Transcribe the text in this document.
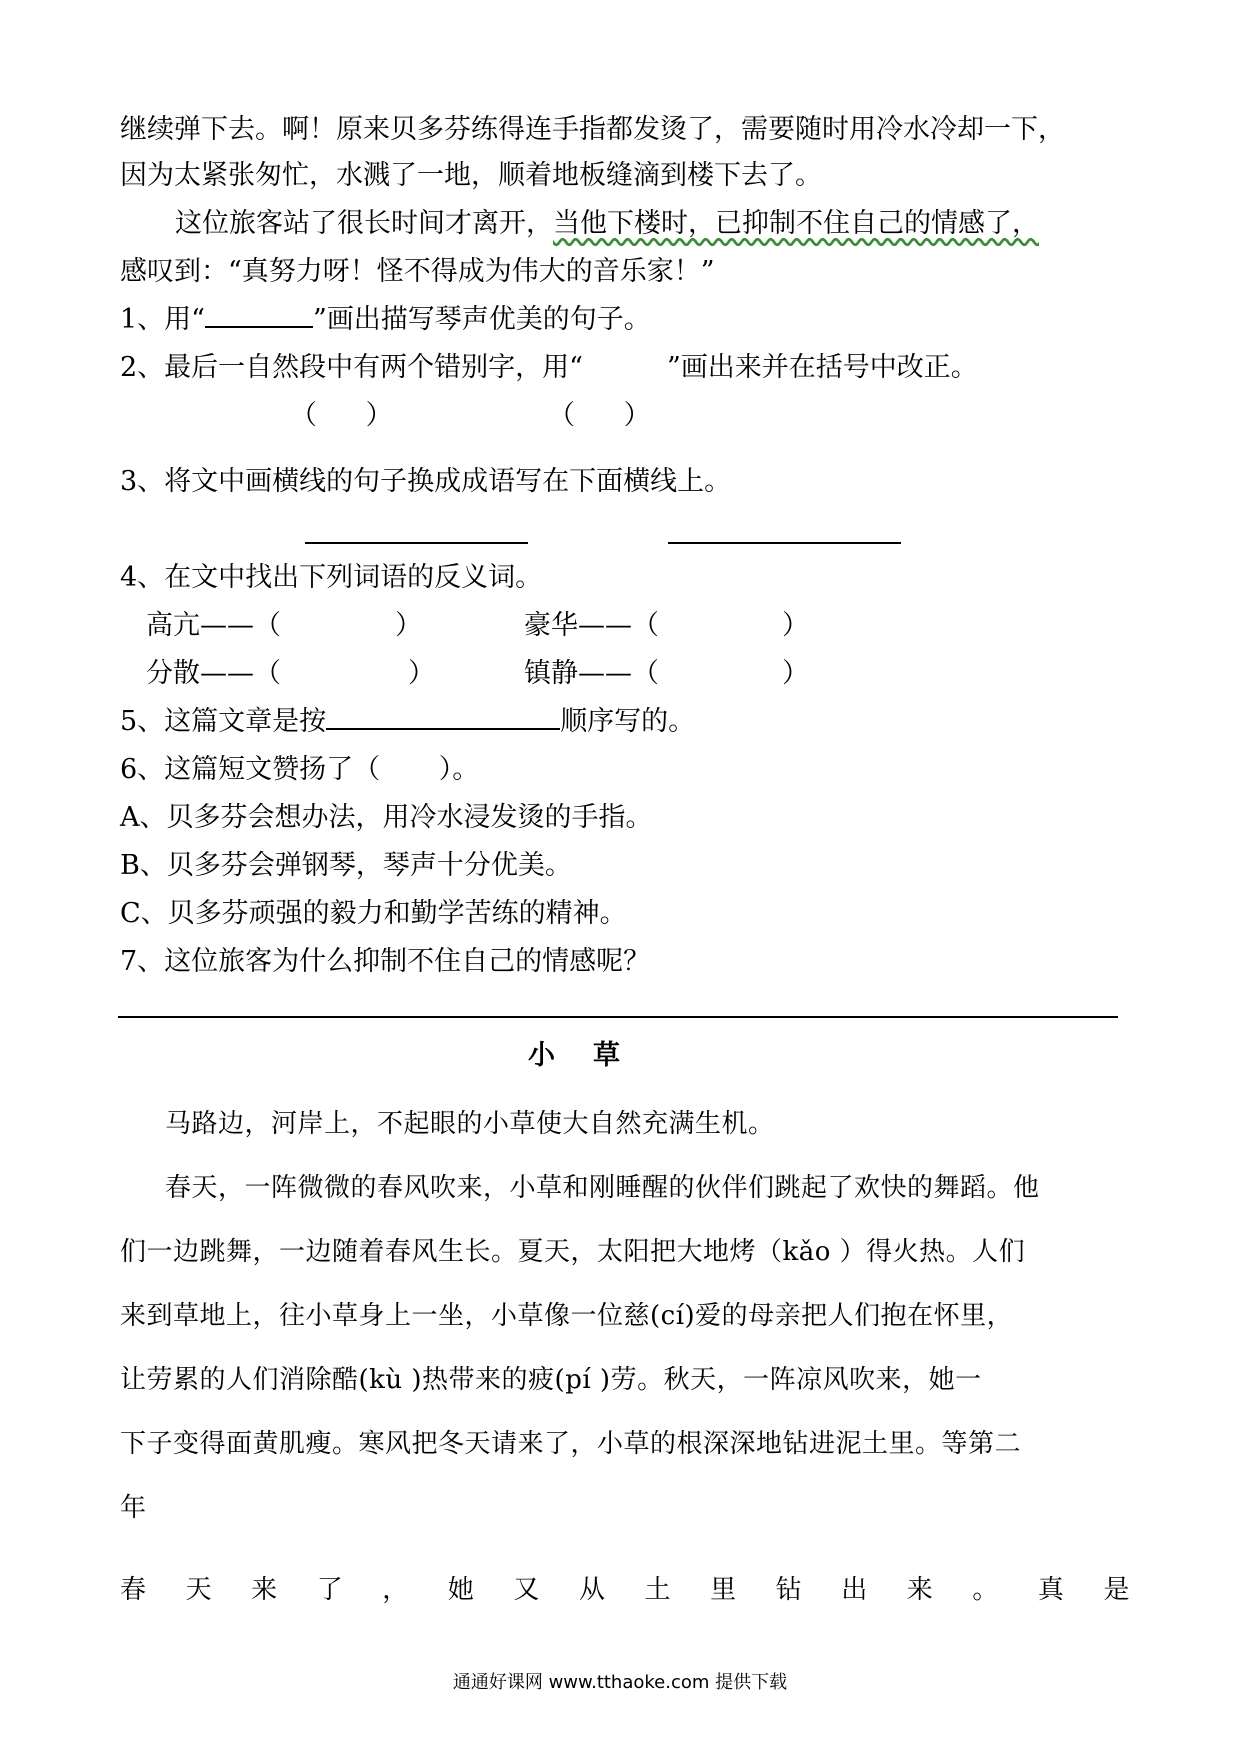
继续弹下去。啊！原来贝多芬练得连手指都发烫了，需要随时用冷水冷却一下，
因为太紧张匆忙，水溅了一地，顺着地板缝滴到楼下去了。
这位旅客站了很长时间才离开，当他下楼时，已抑制不住自己的情感了，
感叹到：“真努力呀！怪不得成为伟大的音乐家！”
1、用“	”画出描写琴声优美的句子。
2、最后一自然段中有两个错别字，用“	”画出来并在括号中改正。
（ ）	（ ）
3、将文中画横线的句子换成成语写在下面横线上。
4、在文中找出下列词语的反义词。
高亢——（	）	豪华——（	）
分散——（	）	镇静——（	）
5、这篇文章是按	顺序写的。
6、这篇短文赞扬了（ ）。
A、贝多芬会想办法，用冷水浸发烫的手指。
B、贝多芬会弹钢琴，琴声十分优美。
C、贝多芬顽强的毅力和勤学苦练的精神。
7、这位旅客为什么抑制不住自己的情感呢？
小草
马路边，河岸上，不起眼的小草使大自然充满生机。
春天，一阵微微的春风吹来，小草和刚睡醒的伙伴们跳起了欢快的舞蹈。他
们一边跳舞，一边随着春风生长。夏天，太阳把大地烤（kǎo ）得火热。人们
来到草地上，往小草身上一坐，小草像一位慈(cí)爱的母亲把人们抱在怀里，
让劳累的人们消除酷(kù )热带来的疲(pí )劳。秋天，一阵凉风吹来，她一
下子变得面黄肌瘦。寒风把冬天请来了，小草的根深深地钻进泥土里。等第二
年
春 天 来 了 ， 她 又 从 土 里 钻 出 来 。 真 是
通通好课网 www.tthaoke.com 提供下载
